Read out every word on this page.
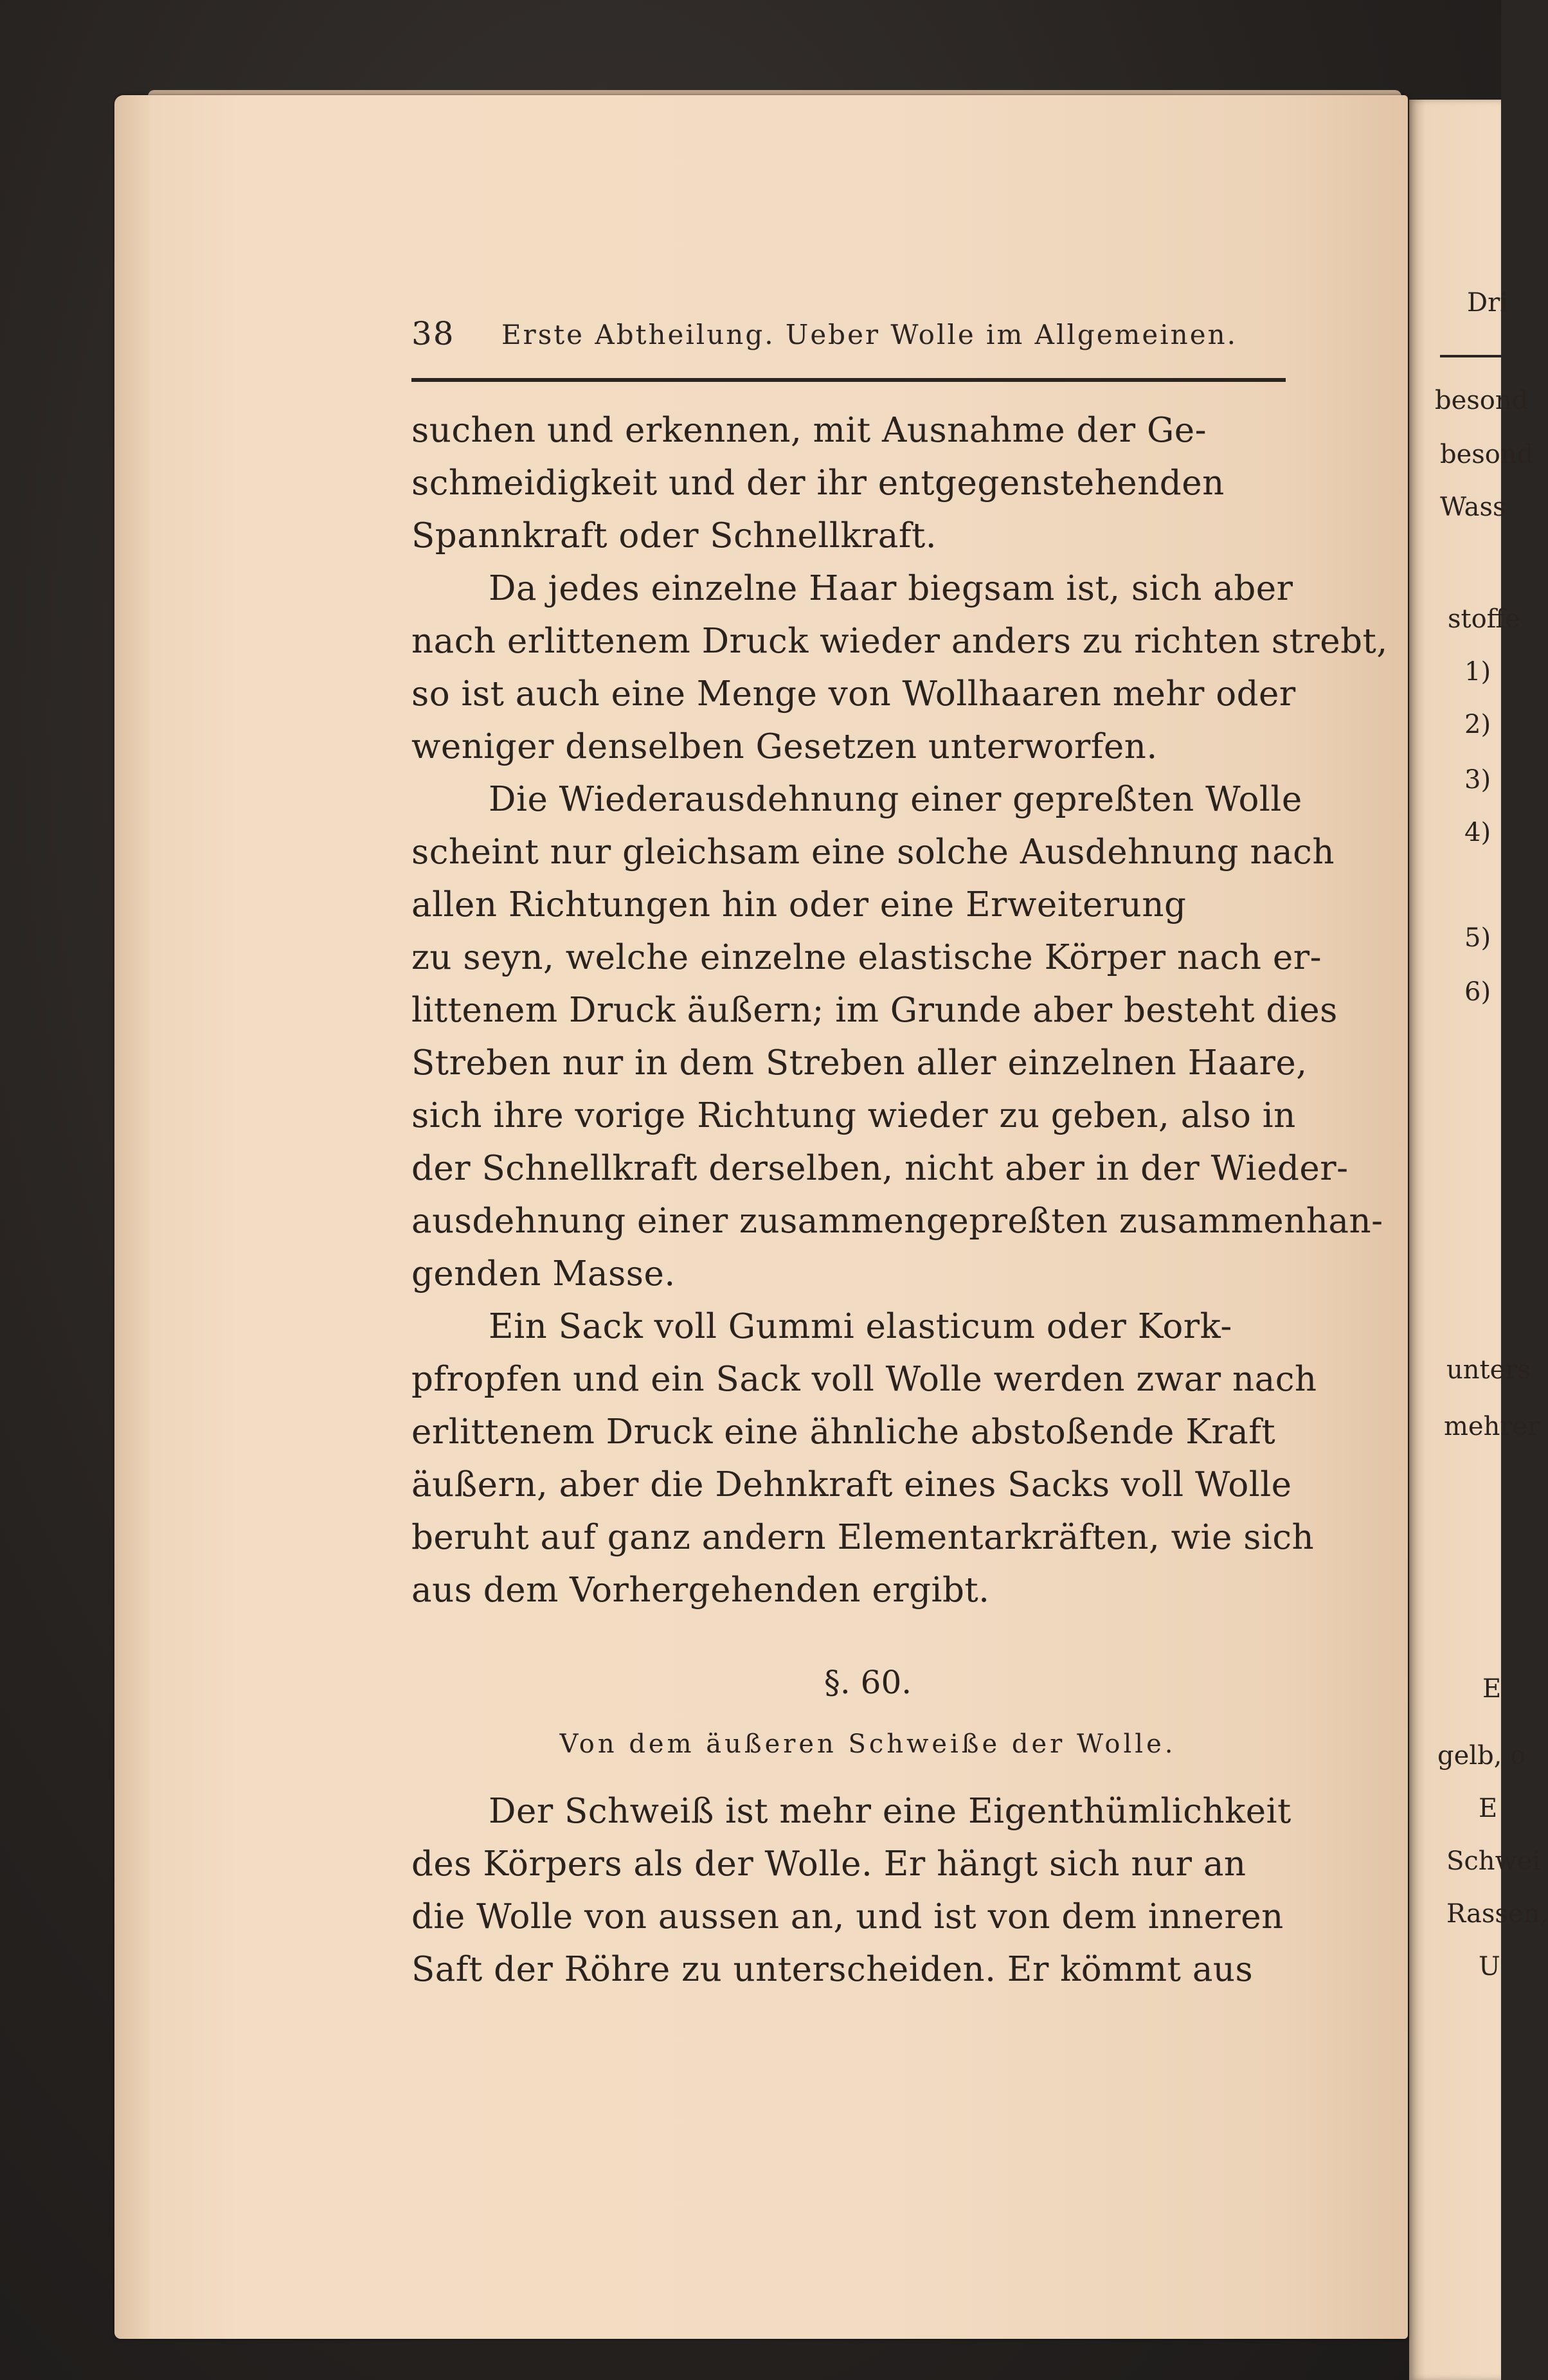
38 Erste Abtheilung. Ueber Wolle im Allgemeinen.
suchen und erkennen, mit Ausnahme der Ge-
schmeidigkeit und der ihr entgegenstehenden
Spannkraft oder Schnellkraft.
Da jedes einzelne Haar biegsam ist, sich aber
nach erlittenem Druck wieder anders zu richten strebt,
so ist auch eine Menge von Wollhaaren mehr oder
weniger denselben Gesetzen unterworfen.
Die Wiederausdehnung einer gepreßten Wolle
scheint nur gleichsam eine solche Ausdehnung nach
allen Richtungen hin oder eine Erweiterung
zu seyn, welche einzelne elastische Körper nach er-
littenem Druck äußern; im Grunde aber besteht dies
Streben nur in dem Streben aller einzelnen Haare,
sich ihre vorige Richtung wieder zu geben, also in
der Schnellkraft derselben, nicht aber in der Wieder-
ausdehnung einer zusammengepreßten zusammenhan-
genden Masse.
Ein Sack voll Gummi elasticum oder Kork-
pfropfen und ein Sack voll Wolle werden zwar nach
erlittenem Druck eine ähnliche abstoßende Kraft
äußern, aber die Dehnkraft eines Sacks voll Wolle
beruht auf ganz andern Elementarkräften, wie sich
aus dem Vorhergehenden ergibt.
§. 60.
Von dem äußeren Schweiße der Wolle.
Der Schweiß ist mehr eine Eigenthümlichkeit
des Körpers als der Wolle. Er hängt sich nur an
die Wolle von aussen an, und ist von dem inneren
Saft der Röhre zu unterscheiden. Er kömmt aus
Dri
besond
besond
Wass
stoffe
1)
2)
3)
4)
5)
6)
unters
mehrer
E
gelb, o
E
Schwei
Rassen,
U
